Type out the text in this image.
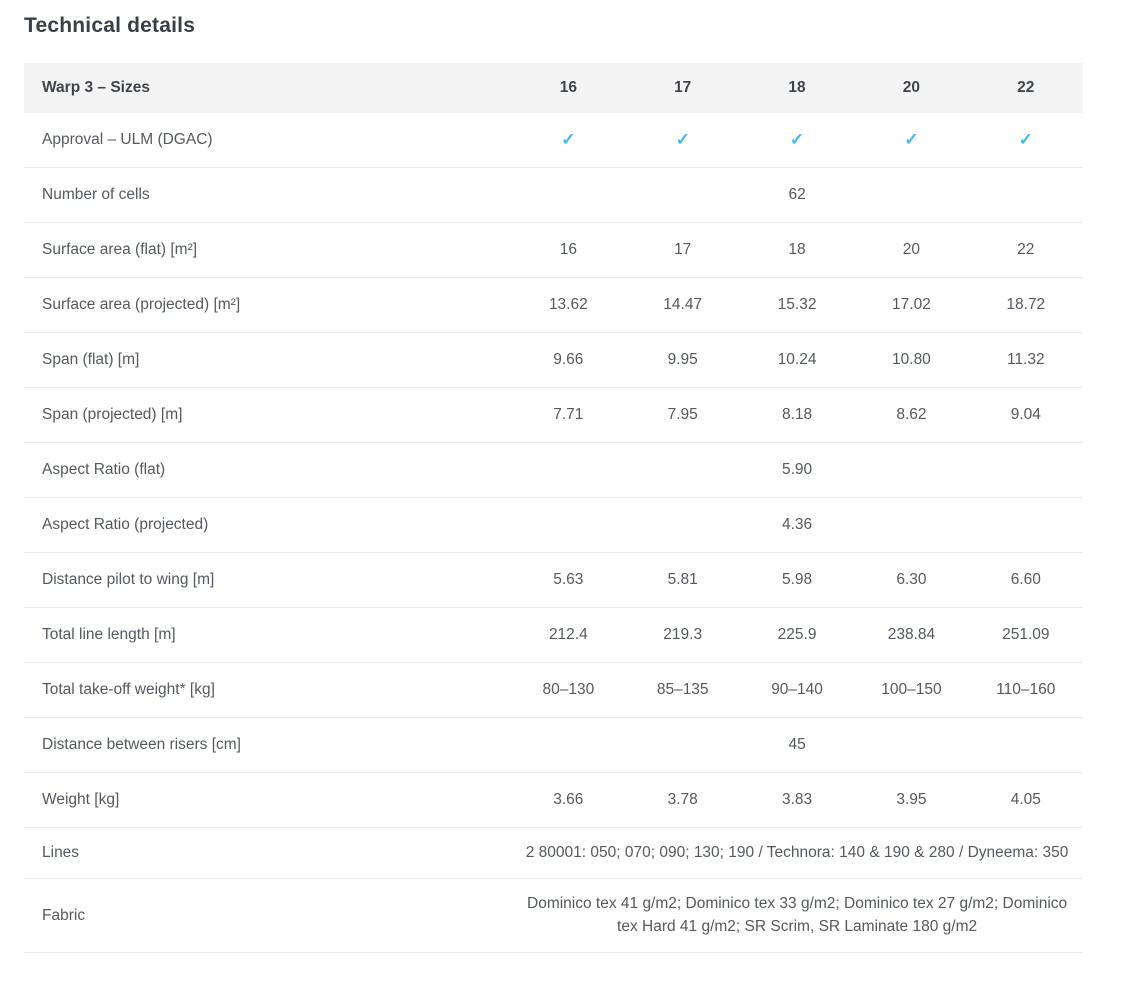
Technical details
Warp 3 – Sizes	16	17	18	20	22
Approval – ULM (DGAC)	✓	✓	✓	✓	✓
Number of cells	62				
Surface area (flat) [m²]	16	17	18	20	22
Surface area (projected) [m²]	13.62	14.47	15.32	17.02	18.72
Span (flat) [m]	9.66	9.95	10.24	10.80	11.32
Span (projected) [m]	7.71	7.95	8.18	8.62	9.04
Aspect Ratio (flat)	5.90				
Aspect Ratio (projected)	4.36				
Distance pilot to wing [m]	5.63	5.81	5.98	6.30	6.60
Total line length [m]	212.4	219.3	225.9	238.84	251.09
Total take-off weight* [kg]	80–130	85–135	90–140	100–150	110–160
Distance between risers [cm]	45				
Weight [kg]	3.66	3.78	3.83	3.95	4.05
Lines	2 80001: 050; 070; 090; 130; 190 / Technora: 140 & 190 & 280 / Dyneema: 350				
Fabric	Dominico tex 41 g/m2; Dominico tex 33 g/m2; Dominico tex 27 g/m2; Dominico tex Hard 41 g/m2; SR Scrim, SR Laminate 180 g/m2				
